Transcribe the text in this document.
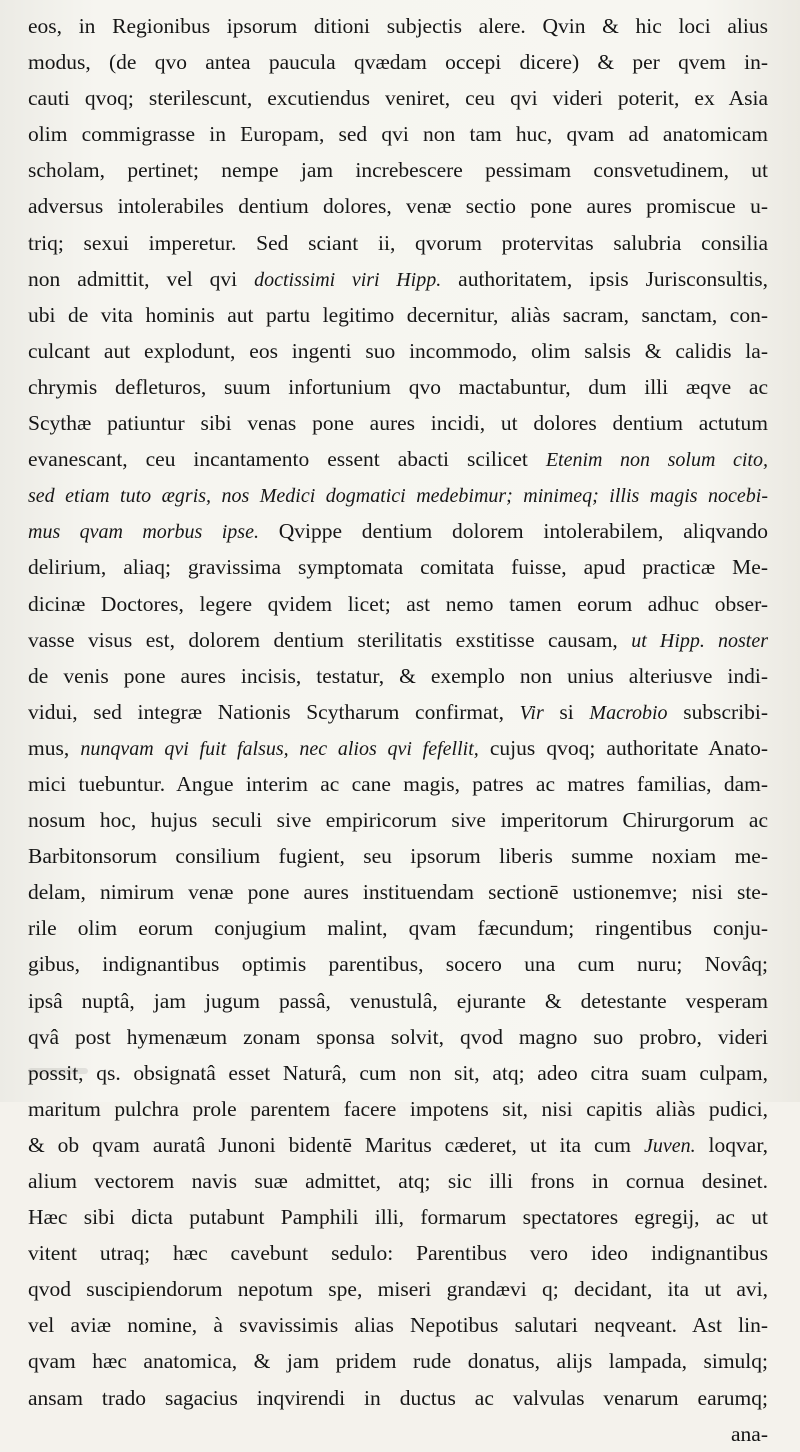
eos, in Regionibus ipsorum ditioni subjectis alere. Qvin & hic loci alius
modus, (de qvo antea paucula qvædam occepi dicere) & per qvem in-
cauti qvoq; sterilescunt, excutiendus veniret, ceu qvi videri poterit, ex Asia
olim commigrasse in Europam, sed qvi non tam huc, qvam ad anatomicam
scholam, pertinet; nempe jam increbescere pessimam consvetudinem, ut
adversus intolerabiles dentium dolores, venæ sectio pone aures promiscue u-
triq; sexui imperetur. Sed sciant ii, qvorum protervitas salubria consilia
non admittit, vel qvi doctissimi viri Hipp. authoritatem, ipsis Jurisconsultis,
ubi de vita hominis aut partu legitimo decernitur, aliàs sacram, sanctam, con-
culcant aut explodunt, eos ingenti suo incommodo, olim salsis & calidis la-
chrymis defleturos, suum infortunium qvo mactabuntur, dum illi æqve ac
Scythæ patiuntur sibi venas pone aures incidi, ut dolores dentium actutum
evanescant, ceu incantamento essent abacti scilicet Etenim non solum cito,
sed etiam tuto ægris, nos Medici dogmatici medebimur; minimeq; illis magis nocebi-
mus qvam morbus ipse. Qvippe dentium dolorem intolerabilem, aliqvando
delirium, aliaq; gravissima symptomata comitata fuisse, apud practicæ Me-
dicinæ Doctores, legere qvidem licet; ast nemo tamen eorum adhuc obser-
vasse visus est, dolorem dentium sterilitatis exstitisse causam, ut Hipp. noster
de venis pone aures incisis, testatur, & exemplo non unius alteriusve indi-
vidui, sed integræ Nationis Scytharum confirmat, Vir si Macrobio subscribi-
mus, nunqvam qvi fuit falsus, nec alios qvi fefellit, cujus qvoq; authoritate Anato-
mici tuebuntur. Angue interim ac cane magis, patres ac matres familias, dam-
nosum hoc, hujus seculi sive empiricorum sive imperitorum Chirurgorum ac
Barbitonsorum consilium fugient, seu ipsorum liberis summe noxiam me-
delam, nimirum venæ pone aures instituendam sectionē ustionemve; nisi ste-
rile olim eorum conjugium malint, qvam fæcundum; ringentibus conju-
gibus, indignantibus optimis parentibus, socero una cum nuru; Novâq;
ipsâ nuptâ, jam jugum passâ, venustulâ, ejurante & detestante vesperam
qvâ post hymenæum zonam sponsa solvit, qvod magno suo probro, videri
possit, qs. obsignatâ esset Naturâ, cum non sit, atq; adeo citra suam culpam,
maritum pulchra prole parentem facere impotens sit, nisi capitis aliàs pudici,
& ob qvam auratâ Junoni bidentē Maritus cæderet, ut ita cum Juven. loqvar,
alium vectorem navis suæ admittet, atq; sic illi frons in cornua desinet.
Hæc sibi dicta putabunt Pamphili illi, formarum spectatores egregij, ac ut
vitent utraq; hæc cavebunt sedulo: Parentibus vero ideo indignantibus
qvod suscipiendorum nepotum spe, miseri grandævi q; decidant, ita ut avi,
vel aviæ nomine, à svavissimis alias Nepotibus salutari neqveant. Ast lin-
qvam hæc anatomica, & jam pridem rude donatus, alijs lampada, simulq;
ansam trado sagacius inqvirendi in ductus ac valvulas venarum earumq;
ana-
